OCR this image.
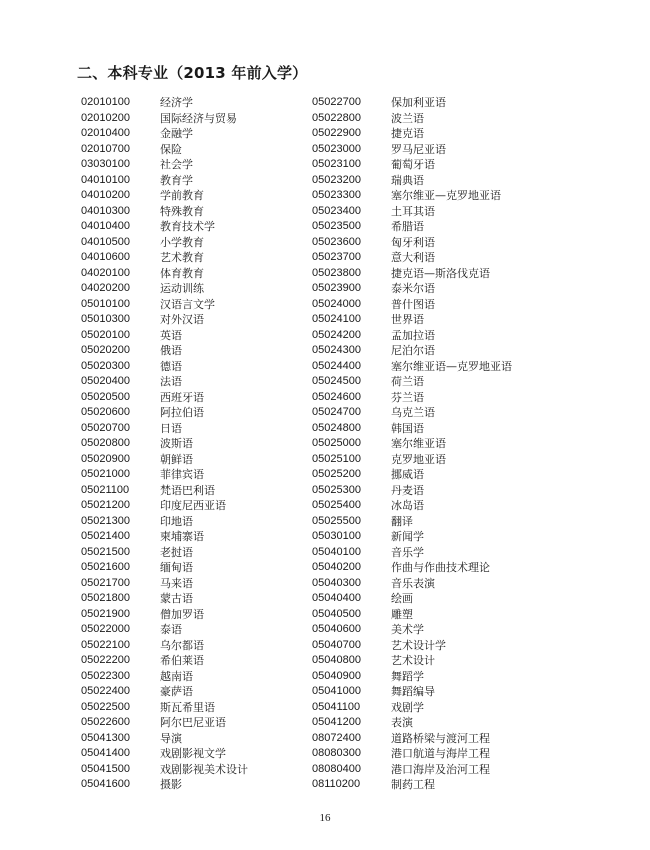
二、本科专业（2013 年前入学）
02010100	经济学
02010200	国际经济与贸易
02010400	金融学
02010700	保险
03030100	社会学
04010100	教育学
04010200	学前教育
04010300	特殊教育
04010400	教育技术学
04010500	小学教育
04010600	艺术教育
04020100	体育教育
04020200	运动训练
05010100	汉语言文学
05010300	对外汉语
05020100	英语
05020200	俄语
05020300	德语
05020400	法语
05020500	西班牙语
05020600	阿拉伯语
05020700	日语
05020800	波斯语
05020900	朝鲜语
05021000	菲律宾语
05021100	梵语巴利语
05021200	印度尼西亚语
05021300	印地语
05021400	柬埔寨语
05021500	老挝语
05021600	缅甸语
05021700	马来语
05021800	蒙古语
05021900	僧加罗语
05022000	泰语
05022100	乌尔都语
05022200	希伯莱语
05022300	越南语
05022400	豪萨语
05022500	斯瓦希里语
05022600	阿尔巴尼亚语
05041300	导演
05041400	戏剧影视文学
05041500	戏剧影视美术设计
05041600	摄影
05022700	保加利亚语
05022800	波兰语
05022900	捷克语
05023000	罗马尼亚语
05023100	葡萄牙语
05023200	瑞典语
05023300	塞尔维亚—克罗地亚语
05023400	土耳其语
05023500	希腊语
05023600	匈牙利语
05023700	意大利语
05023800	捷克语—斯洛伐克语
05023900	泰米尔语
05024000	普什图语
05024100	世界语
05024200	孟加拉语
05024300	尼泊尔语
05024400	塞尔维亚语—克罗地亚语
05024500	荷兰语
05024600	芬兰语
05024700	乌克兰语
05024800	韩国语
05025000	塞尔维亚语
05025100	克罗地亚语
05025200	挪威语
05025300	丹麦语
05025400	冰岛语
05025500	翻译
05030100	新闻学
05040100	音乐学
05040200	作曲与作曲技术理论
05040300	音乐表演
05040400	绘画
05040500	雕塑
05040600	美术学
05040700	艺术设计学
05040800	艺术设计
05040900	舞蹈学
05041000	舞蹈编导
05041100	戏剧学
05041200	表演
08072400	道路桥梁与渡河工程
08080300	港口航道与海岸工程
08080400	港口海岸及治河工程
08110200	制药工程
16
